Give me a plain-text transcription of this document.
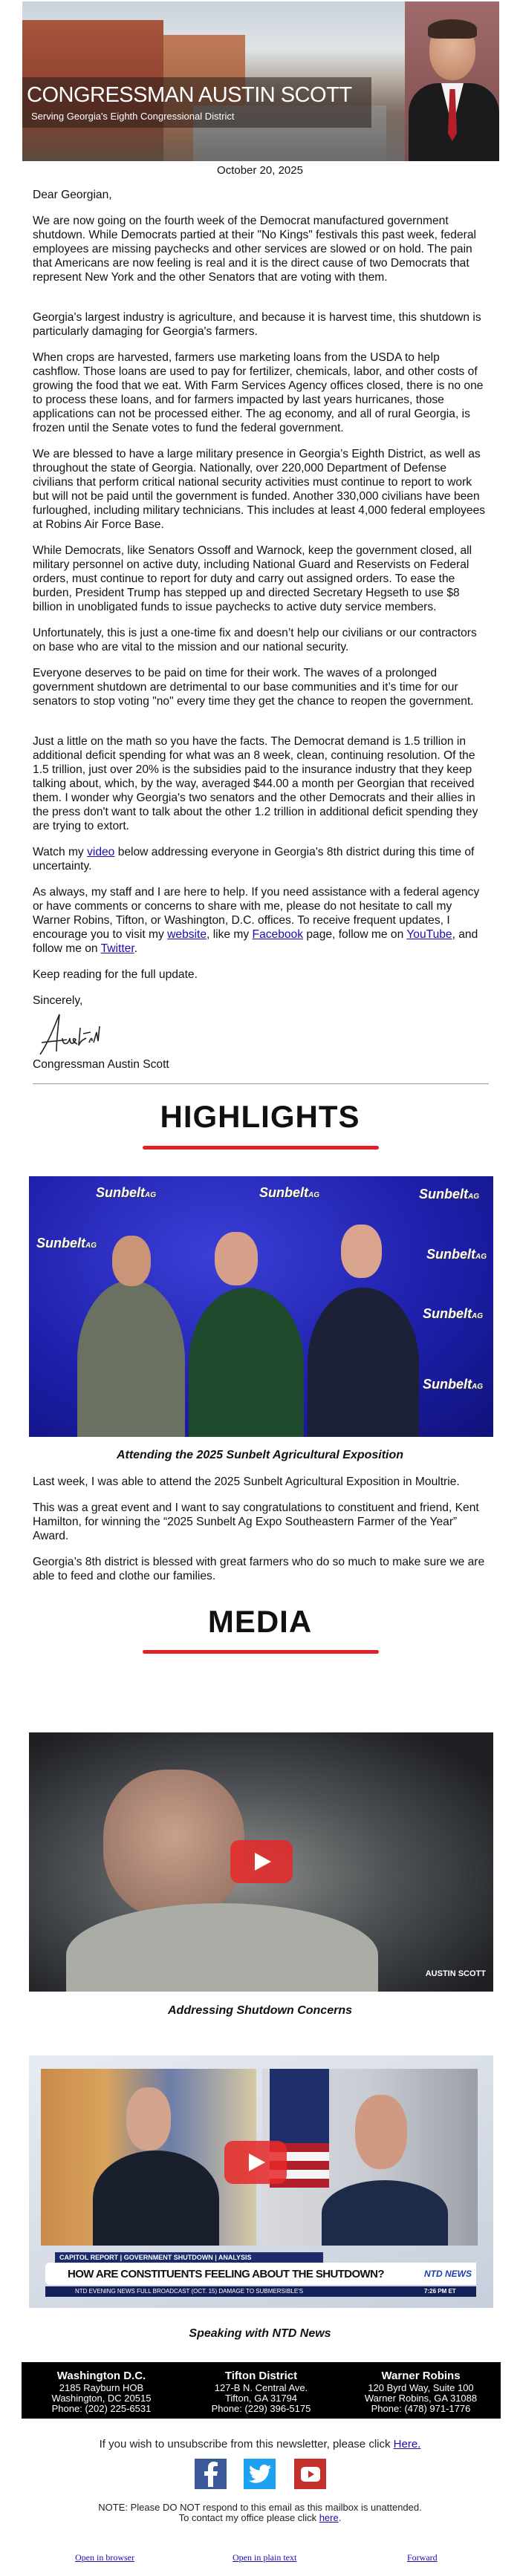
CONGRESSMAN AUSTIN SCOTT
Serving Georgia's Eighth Congressional District
October 20, 2025

Dear Georgian,

We are now going on the fourth week of the Democrat manufactured government shutdown. While Democrats partied at their "No Kings" festivals this past week, federal employees are missing paychecks and other services are slowed or on hold. The pain that Americans are now feeling is real and it is the direct cause of two Democrats that represent New York and the other Senators that are voting with them.

Georgia's largest industry is agriculture, and because it is harvest time, this shutdown is particularly damaging for Georgia's farmers.

When crops are harvested, farmers use marketing loans from the USDA to help cashflow. Those loans are used to pay for fertilizer, chemicals, labor, and other costs of growing the food that we eat. With Farm Services Agency offices closed, there is no one to process these loans, and for farmers impacted by last years hurricanes, those applications can not be processed either. The ag economy, and all of rural Georgia, is frozen until the Senate votes to fund the federal government.

We are blessed to have a large military presence in Georgia’s Eighth District, as well as throughout the state of Georgia. Nationally, over 220,000 Department of Defense civilians that perform critical national security activities must continue to report to work but will not be paid until the government is funded. Another 330,000 civilians have been furloughed, including military technicians. This includes at least 4,000 federal employees at Robins Air Force Base.

While Democrats, like Senators Ossoff and Warnock, keep the government closed, all military personnel on active duty, including National Guard and Reservists on Federal orders, must continue to report for duty and carry out assigned orders. To ease the burden, President Trump has stepped up and directed Secretary Hegseth to use $8 billion in unobligated funds to issue paychecks to active duty service members.

Unfortunately, this is just a one-time fix and doesn’t help our civilians or our contractors on base who are vital to the mission and our national security.

Everyone deserves to be paid on time for their work. The waves of a prolonged government shutdown are detrimental to our base communities and it’s time for our senators to stop voting "no" every time they get the chance to reopen the government.

Just a little on the math so you have the facts. The Democrat demand is 1.5 trillion in additional deficit spending for what was an 8 week, clean, continuing resolution. Of the 1.5 trillion, just over 20% is the subsidies paid to the insurance industry that they keep talking about, which, by the way, averaged $44.00 a month per Georgian that received them. I wonder why Georgia's two senators and the other Democrats and their allies in the press don't want to talk about the other 1.2 trillion in additional deficit spending they are trying to extort.

Watch my video below addressing everyone in Georgia's 8th district during this time of uncertainty.

As always, my staff and I are here to help. If you need assistance with a federal agency or have comments or concerns to share with me, please do not hesitate to call my Warner Robins, Tifton, or Washington, D.C. offices. To receive frequent updates, I encourage you to visit my website, like my Facebook page, follow me on YouTube, and follow me on Twitter.

Keep reading for the full update.

Sincerely,

Congressman Austin Scott

HIGHLIGHTS
SunbeltAG	SunbeltAG	SunbeltAG
SunbeltAG
SunbeltAG
SunbeltAG
SunbeltAG
Attending the 2025 Sunbelt Agricultural Exposition

Last week, I was able to attend the 2025 Sunbelt Agricultural Exposition in Moultrie.

This was a great event and I want to say congratulations to constituent and friend, Kent Hamilton, for winning the “2025 Sunbelt Ag Expo Southeastern Farmer of the Year” Award.

Georgia’s 8th district is blessed with great farmers who do so much to make sure we are able to feed and clothe our families.

MEDIA
AUSTIN SCOTT
Addressing Shutdown Concerns
CAPITOL REPORT | GOVERNMENT SHUTDOWN | ANALYSIS
HOW ARE CONSTITUENTS FEELING ABOUT THE SHUTDOWN?	NTD NEWS
NTD EVENING NEWS FULL BROADCAST (OCT. 15) DAMAGE TO SUBMERSIBLE'S	7:26 PM ET
Speaking with NTD News
Washington D.C.
2185 Rayburn HOB
Washington, DC 20515
Phone: (202) 225-6531
Tifton District
127-B N. Central Ave.
Tifton, GA 31794
Phone: (229) 396-5175
Warner Robins
120 Byrd Way, Suite 100
Warner Robins, GA 31088
Phone: (478) 971-1776
If you wish to unsubscribe from this newsletter, please click Here.
NOTE: Please DO NOT respond to this email as this mailbox is unattended.
To contact my office please click here.
Open in browser	Open in plain text	Forward
